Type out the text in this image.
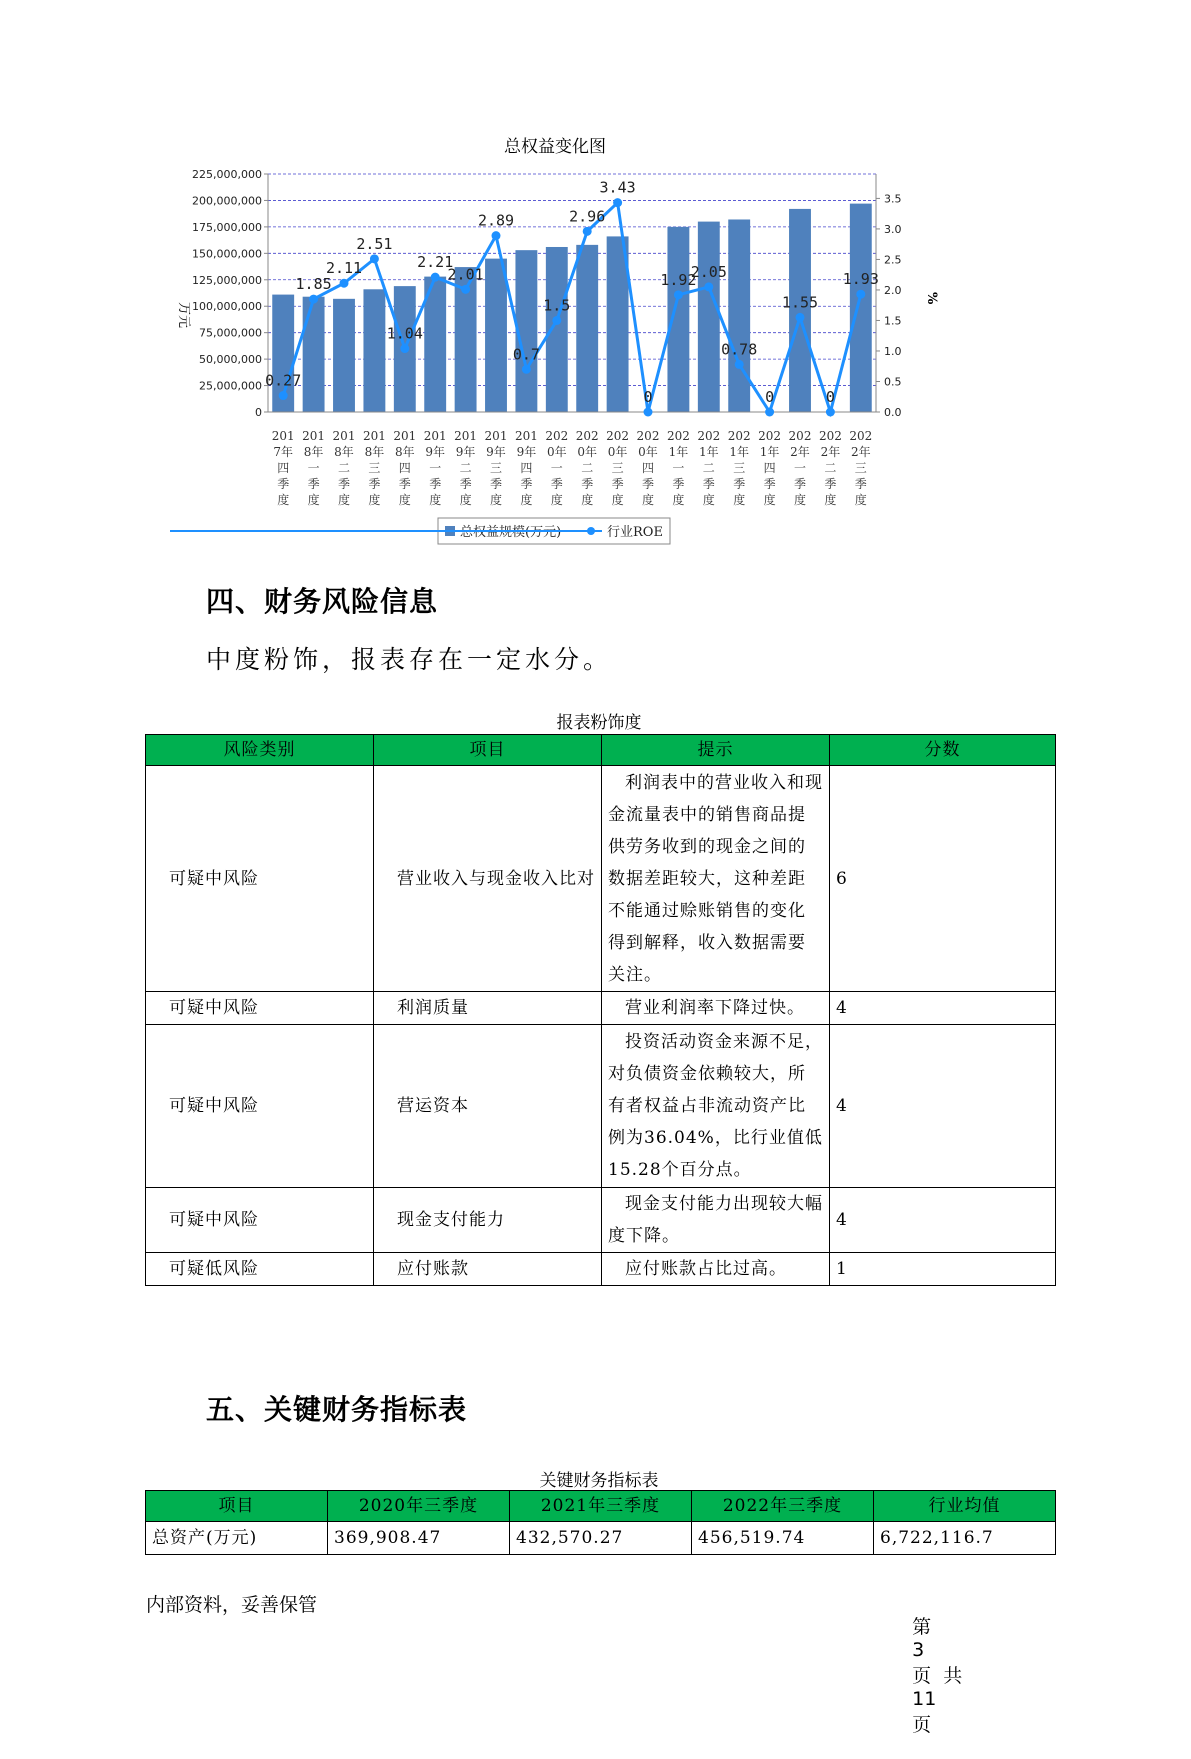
总权益变化图
0
25,000,000
50,000,000
75,000,000
100,000,000
125,000,000
150,000,000
175,000,000
200,000,000
225,000,000
0.0
0.5
1.0
1.5
2.0
2.5
3.0
3.5
0.27
1.85
2.11
2.51
1.04
2.21
2.01
2.89
0.7
1.5
2.96
3.43
0
1.92
2.05
0.78
0
1.55
0
1.93
201 7年四季度
201 8年一季度
201 8年二季度
201 8年三季度
201 8年四季度
201 9年一季度
201 9年二季度
201 9年三季度
201 9年四季度
202 0年一季度
202 0年二季度
202 0年三季度
202 0年四季度
202 1年一季度
202 1年二季度
202 1年三季度
202 1年四季度
202 2年一季度
202 2年二季度
202 2年三季度
万元
%
总权益规模(万元)	行业ROE
四、财务风险信息
中度粉饰，报表存在一定水分。
报表粉饰度
风险类别	项目	提示	分数
可疑中风险	营业收入与现金收入比对	利润表中的营业收入和现金流量表中的销售商品提供劳务收到的现金之间的数据差距较大，这种差距不能通过赊账销售的变化得到解释，收入数据需要关注。	6
可疑中风险	利润质量	营业利润率下降过快。	4
可疑中风险	营运资本	投资活动资金来源不足，对负债资金依赖较大，所有者权益占非流动资产比例为36.04%，比行业值低15.28个百分点。	4
可疑中风险	现金支付能力	现金支付能力出现较大幅度下降。	4
可疑低风险	应付账款	应付账款占比过高。	1
五、关键财务指标表
关键财务指标表
项目	2020年三季度	2021年三季度	2022年三季度	行业均值
总资产(万元)	369,908.47	432,570.27	456,519.74	6,722,116.7
内部资料，妥善保管

第
3
页  共
11
页
